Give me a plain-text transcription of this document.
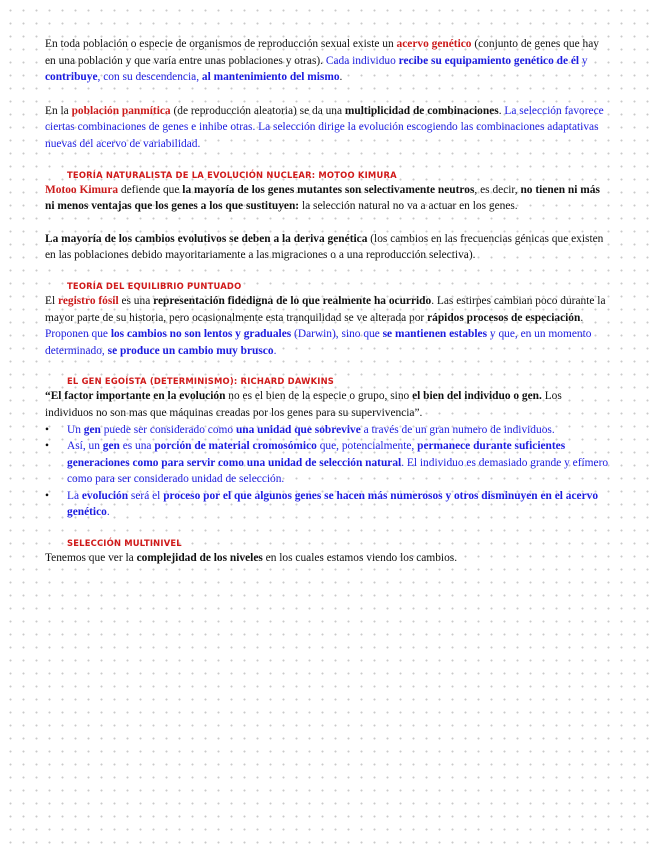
En toda población o especie de organismos de reproducción sexual existe un acervo genético (conjunto de genes que hay en una población y que varía entre unas poblaciones y otras). Cada individuo recibe su equipamiento genético de él y contribuye, con su descendencia, al mantenimiento del mismo.

En la población panmítica (de reproducción aleatoria) se da una multiplicidad de combinaciones. La selección favorece ciertas combinaciones de genes e inhibe otras. La selección dirige la evolución escogiendo las combinaciones adaptativas nuevas del acervo de variabilidad.

TEORÍA NATURALISTA DE LA EVOLUCIÓN NUCLEAR: MOTOO KIMURA

Motoo Kimura defiende que la mayoría de los genes mutantes son selectivamente neutros, es decir, no tienen ni más ni menos ventajas que los genes a los que sustituyen: la selección natural no va a actuar en los genes.

La mayoría de los cambios evolutivos se deben a la deriva genética (los cambios en las frecuencias génicas que existen en las poblaciones debido mayoritariamente a las migraciones o a una reproducción selectiva).

TEORÍA DEL EQUILIBRIO PUNTUADO

El registro fósil es una representación fidedigna de lo que realmente ha ocurrido. Las estirpes cambian poco durante la mayor parte de su historia, pero ocasionalmente esta tranquilidad se ve alterada por rápidos procesos de especiación.

Proponen que los cambios no son lentos y graduales (Darwin), sino que se mantienen estables y que, en un momento determinado, se produce un cambio muy brusco.

EL GEN EGOÍSTA (DETERMINISMO): RICHARD DAWKINS

“El factor importante en la evolución no es el bien de la especie o grupo, sino el bien del individuo o gen. Los individuos no son mas que máquinas creadas por los genes para su supervivencia”.

• Un gen puede ser considerado como una unidad que sobrevive a través de un gran numero de individuos.
• Así, un gen es una porción de material cromosómico que, potencialmente, permanece durante suficientes generaciones como para servir como una unidad de selección natural. El individuo es demasiado grande y efímero como para ser considerado unidad de selección.
• La evolución será el proceso por el que algunos genes se hacen más numerosos y otros disminuyen en el acervo genético.
SELECCIÓN MULTINIVEL

Tenemos que ver la complejidad de los niveles en los cuales estamos viendo los cambios.
